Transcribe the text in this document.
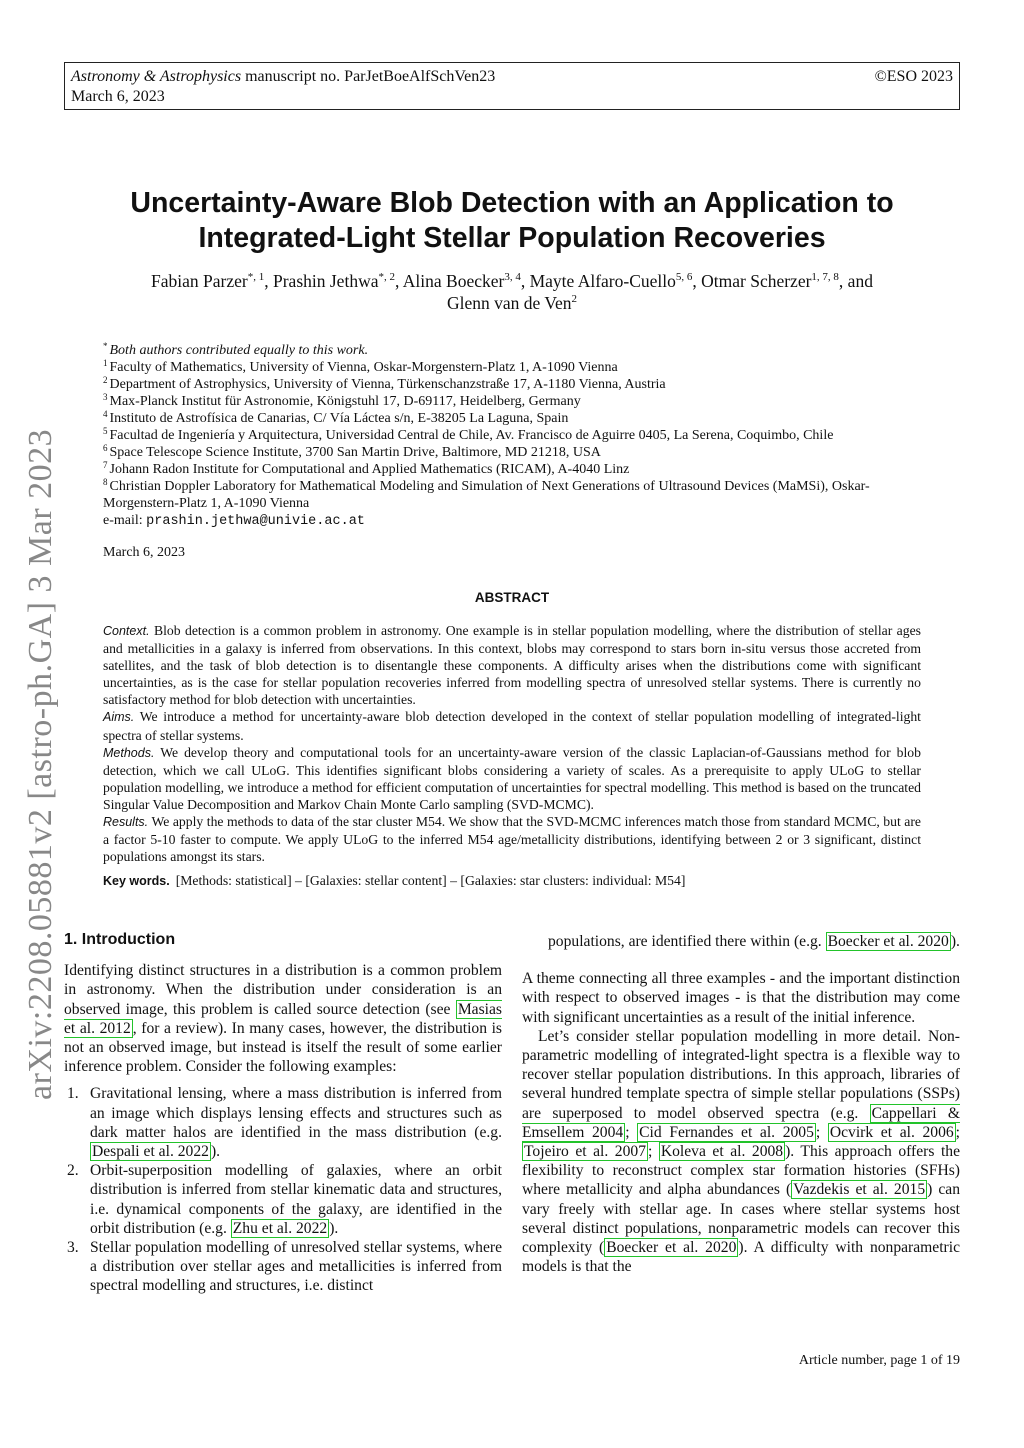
Astronomy & Astrophysics manuscript no. ParJetBoeAlfSchVen23
March 6, 2023
©ESO 2023
arXiv:2208.05881v2 [astro-ph.GA] 3 Mar 2023
Uncertainty-Aware Blob Detection with an Application to
Integrated-Light Stellar Population Recoveries
Fabian Parzer$^{*, 1}$, Prashin Jethwa$^{*, 2}$, Alina Boecker$^{3, 4}$, Mayte Alfaro-Cuello$^{5, 6}$, Otmar Scherzer$^{1, 7, 8}$, and
Glenn van de Ven$^2$
* Both authors contributed equally to this work.
$^1$ Faculty of Mathematics, University of Vienna, Oskar-Morgenstern-Platz 1, A-1090 Vienna
$^2$ Department of Astrophysics, University of Vienna, Türkenschanzstraße 17, A-1180 Vienna, Austria
$^3$ Max-Planck Institut für Astronomie, Königstuhl 17, D-69117, Heidelberg, Germany
$^4$ Instituto de Astrofísica de Canarias, C/ Vía Láctea s/n, E-38205 La Laguna, Spain
$^5$ Facultad de Ingeniería y Arquitectura, Universidad Central de Chile, Av. Francisco de Aguirre 0405, La Serena, Coquimbo, Chile
$^6$ Space Telescope Science Institute, 3700 San Martin Drive, Baltimore, MD 21218, USA
$^7$ Johann Radon Institute for Computational and Applied Mathematics (RICAM), A-4040 Linz
$^8$ Christian Doppler Laboratory for Mathematical Modeling and Simulation of Next Generations of Ultrasound Devices (MaMSi), Oskar-Morgenstern-Platz 1, A-1090 Vienna
e-mail: prashin.jethwa@univie.ac.at
March 6, 2023
ABSTRACT
Context. Blob detection is a common problem in astronomy. One example is in stellar population modelling, where the distribution of stellar ages and metallicities in a galaxy is inferred from observations. In this context, blobs may correspond to stars born in-situ versus those accreted from satellites, and the task of blob detection is to disentangle these components. A difficulty arises when the distributions come with significant uncertainties, as is the case for stellar population recoveries inferred from modelling spectra of unresolved stellar systems. There is currently no satisfactory method for blob detection with uncertainties.
Aims. We introduce a method for uncertainty-aware blob detection developed in the context of stellar population modelling of integrated-light spectra of stellar systems.
Methods. We develop theory and computational tools for an uncertainty-aware version of the classic Laplacian-of-Gaussians method for blob detection, which we call ULoG. This identifies significant blobs considering a variety of scales. As a prerequisite to apply ULoG to stellar population modelling, we introduce a method for efficient computation of uncertainties for spectral modelling. This method is based on the truncated Singular Value Decomposition and Markov Chain Monte Carlo sampling (SVD-MCMC).
Results. We apply the methods to data of the star cluster M54. We show that the SVD-MCMC inferences match those from standard MCMC, but are a factor 5-10 faster to compute. We apply ULoG to the inferred M54 age/metallicity distributions, identifying between 2 or 3 significant, distinct populations amongst its stars.
Key words. [Methods: statistical] – [Galaxies: stellar content] – [Galaxies: star clusters: individual: M54]
1. Introduction

Identifying distinct structures in a distribution is a common problem in astronomy. When the distribution under consideration is an observed image, this problem is called source detection (see Masias et al. 2012 , for a review). In many cases, however, the distribution is not an observed image, but instead is itself the result of some earlier inference problem. Consider the following examples:

1. Gravitational lensing, where a mass distribution is inferred from an image which displays lensing effects and structures such as dark matter halos are identified in the mass distribution (e.g. Despali et al. 2022 ).
2. Orbit-superposition modelling of galaxies, where an orbit distribution is inferred from stellar kinematic data and structures, i.e. dynamical components of the galaxy, are identified in the orbit distribution (e.g. Zhu et al. 2022 ).
3. Stellar population modelling of unresolved stellar systems, where a distribution over stellar ages and metallicities is inferred from spectral modelling and structures, i.e. distinct

populations, are identified there within (e.g. Boecker et al. 2020 ).

A theme connecting all three examples - and the important distinction with respect to observed images - is that the distribution may come with significant uncertainties as a result of the initial inference.

Let’s consider stellar population modelling in more detail. Non-parametric modelling of integrated-light spectra is a flexible way to recover stellar population distributions. In this approach, libraries of several hundred template spectra of simple stellar populations (SSPs) are superposed to model observed spectra (e.g. Cappellari & Emsellem 2004 ; Cid Fernandes et al. 2005 ; Ocvirk et al. 2006 ; Tojeiro et al. 2007 ; Koleva et al. 2008 ). This approach offers the flexibility to reconstruct complex star formation histories (SFHs) where metallicity and alpha abundances ( Vazdekis et al. 2015 ) can vary freely with stellar age. In cases where stellar systems host several distinct populations, nonparametric models can recover this complexity ( Boecker et al. 2020 ). A difficulty with nonparametric models is that the

Article number, page 1 of 19
